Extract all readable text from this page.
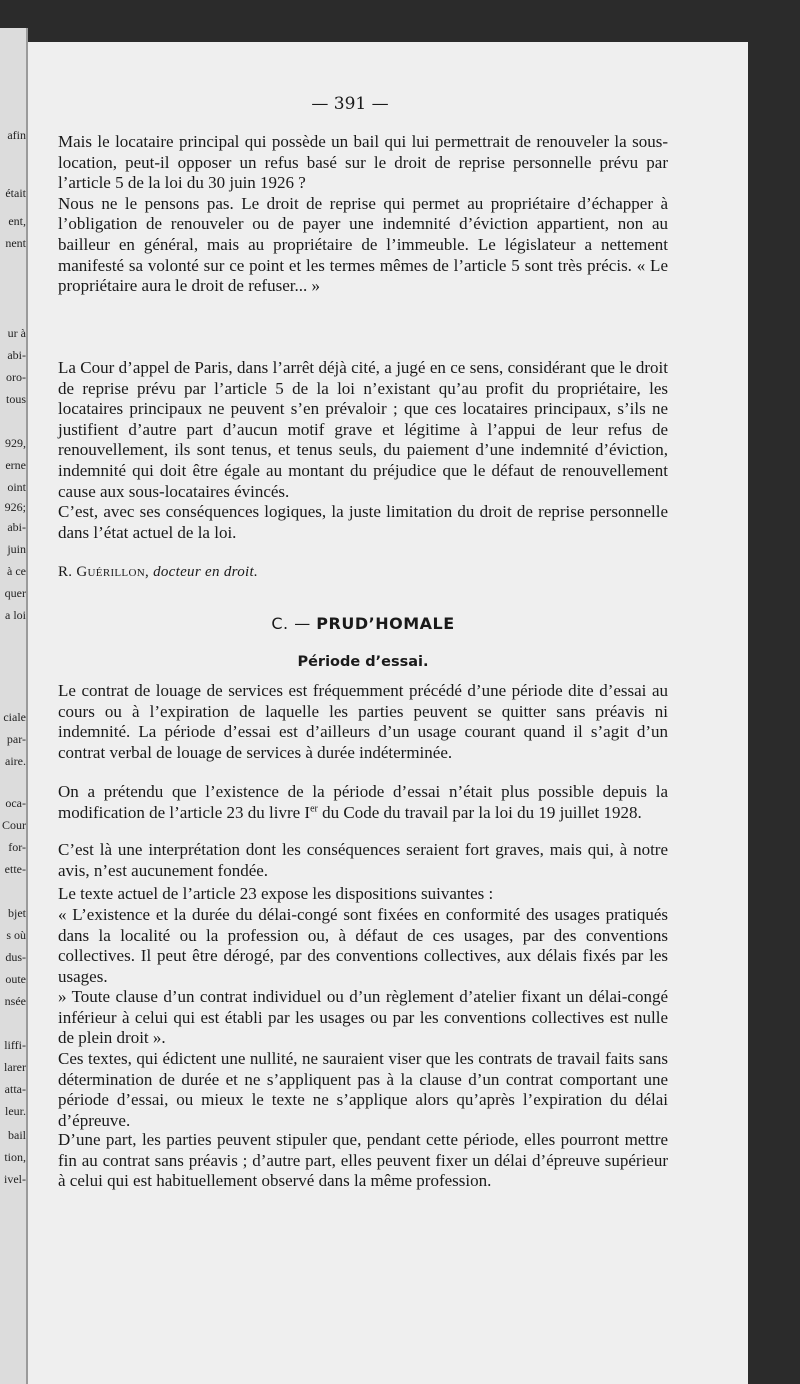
afin
était
ent,
nent
ur à
abi-
oro-
tous
929,
erne
oint
926;
abi-
juin
à ce
quer
a loi
ciale
par-
aire.
oca-
Cour
for-
ette-
bjet
s où
dus-
oute
nsée
liffi-
larer
atta-
leur.
bail
tion,
ivel-
— 391 —

Mais le locataire principal qui possède un bail qui lui permettrait de renouveler la sous-location, peut-il opposer un refus basé sur le droit de reprise personnelle prévu par l’article 5 de la loi du 30 juin 1926 ?

Nous ne le pensons pas. Le droit de reprise qui permet au propriétaire d’échapper à l’obligation de renouveler ou de payer une indemnité d’éviction appartient, non au bailleur en général, mais au propriétaire de l’immeuble. Le législateur a nettement manifesté sa volonté sur ce point et les termes mêmes de l’article 5 sont très précis. « Le propriétaire aura le droit de refuser... »

La Cour d’appel de Paris, dans l’arrêt déjà cité, a jugé en ce sens, considérant que le droit de reprise prévu par l’article 5 de la loi n’existant qu’au profit du propriétaire, les locataires principaux ne peuvent s’en prévaloir ; que ces locataires principaux, s’ils ne justifient d’autre part d’aucun motif grave et légitime à l’appui de leur refus de renouvellement, ils sont tenus, et tenus seuls, du paiement d’une indemnité d’éviction, indemnité qui doit être égale au montant du préjudice que le défaut de renouvellement cause aux sous-locataires évincés.

C’est, avec ses conséquences logiques, la juste limitation du droit de reprise personnelle dans l’état actuel de la loi.

R. Guérillon, docteur en droit.
C. — PRUD’HOMALE
Période d’essai.

Le contrat de louage de services est fréquemment précédé d’une période dite d’essai au cours ou à l’expiration de laquelle les parties peuvent se quitter sans préavis ni indemnité. La période d’essai est d’ailleurs d’un usage courant quand il s’agit d’un contrat verbal de louage de services à durée indéterminée.

On a prétendu que l’existence de la période d’essai n’était plus possible depuis la modification de l’article 23 du livre Ier du Code du travail par la loi du 19 juillet 1928.

C’est là une interprétation dont les conséquences seraient fort graves, mais qui, à notre avis, n’est aucunement fondée.

Le texte actuel de l’article 23 expose les dispositions suivantes :

« L’existence et la durée du délai-congé sont fixées en conformité des usages pratiqués dans la localité ou la profession ou, à défaut de ces usages, par des conventions collectives. Il peut être dérogé, par des conventions collectives, aux délais fixés par les usages.

» Toute clause d’un contrat individuel ou d’un règlement d’atelier fixant un délai-congé inférieur à celui qui est établi par les usages ou par les conventions collectives est nulle de plein droit ».

Ces textes, qui édictent une nullité, ne sauraient viser que les contrats de travail faits sans détermination de durée et ne s’appliquent pas à la clause d’un contrat comportant une période d’essai, ou mieux le texte ne s’applique alors qu’après l’expiration du délai d’épreuve.

D’une part, les parties peuvent stipuler que, pendant cette période, elles pourront mettre fin au contrat sans préavis ; d’autre part, elles peuvent fixer un délai d’épreuve supérieur à celui qui est habituellement observé dans la même profession.
